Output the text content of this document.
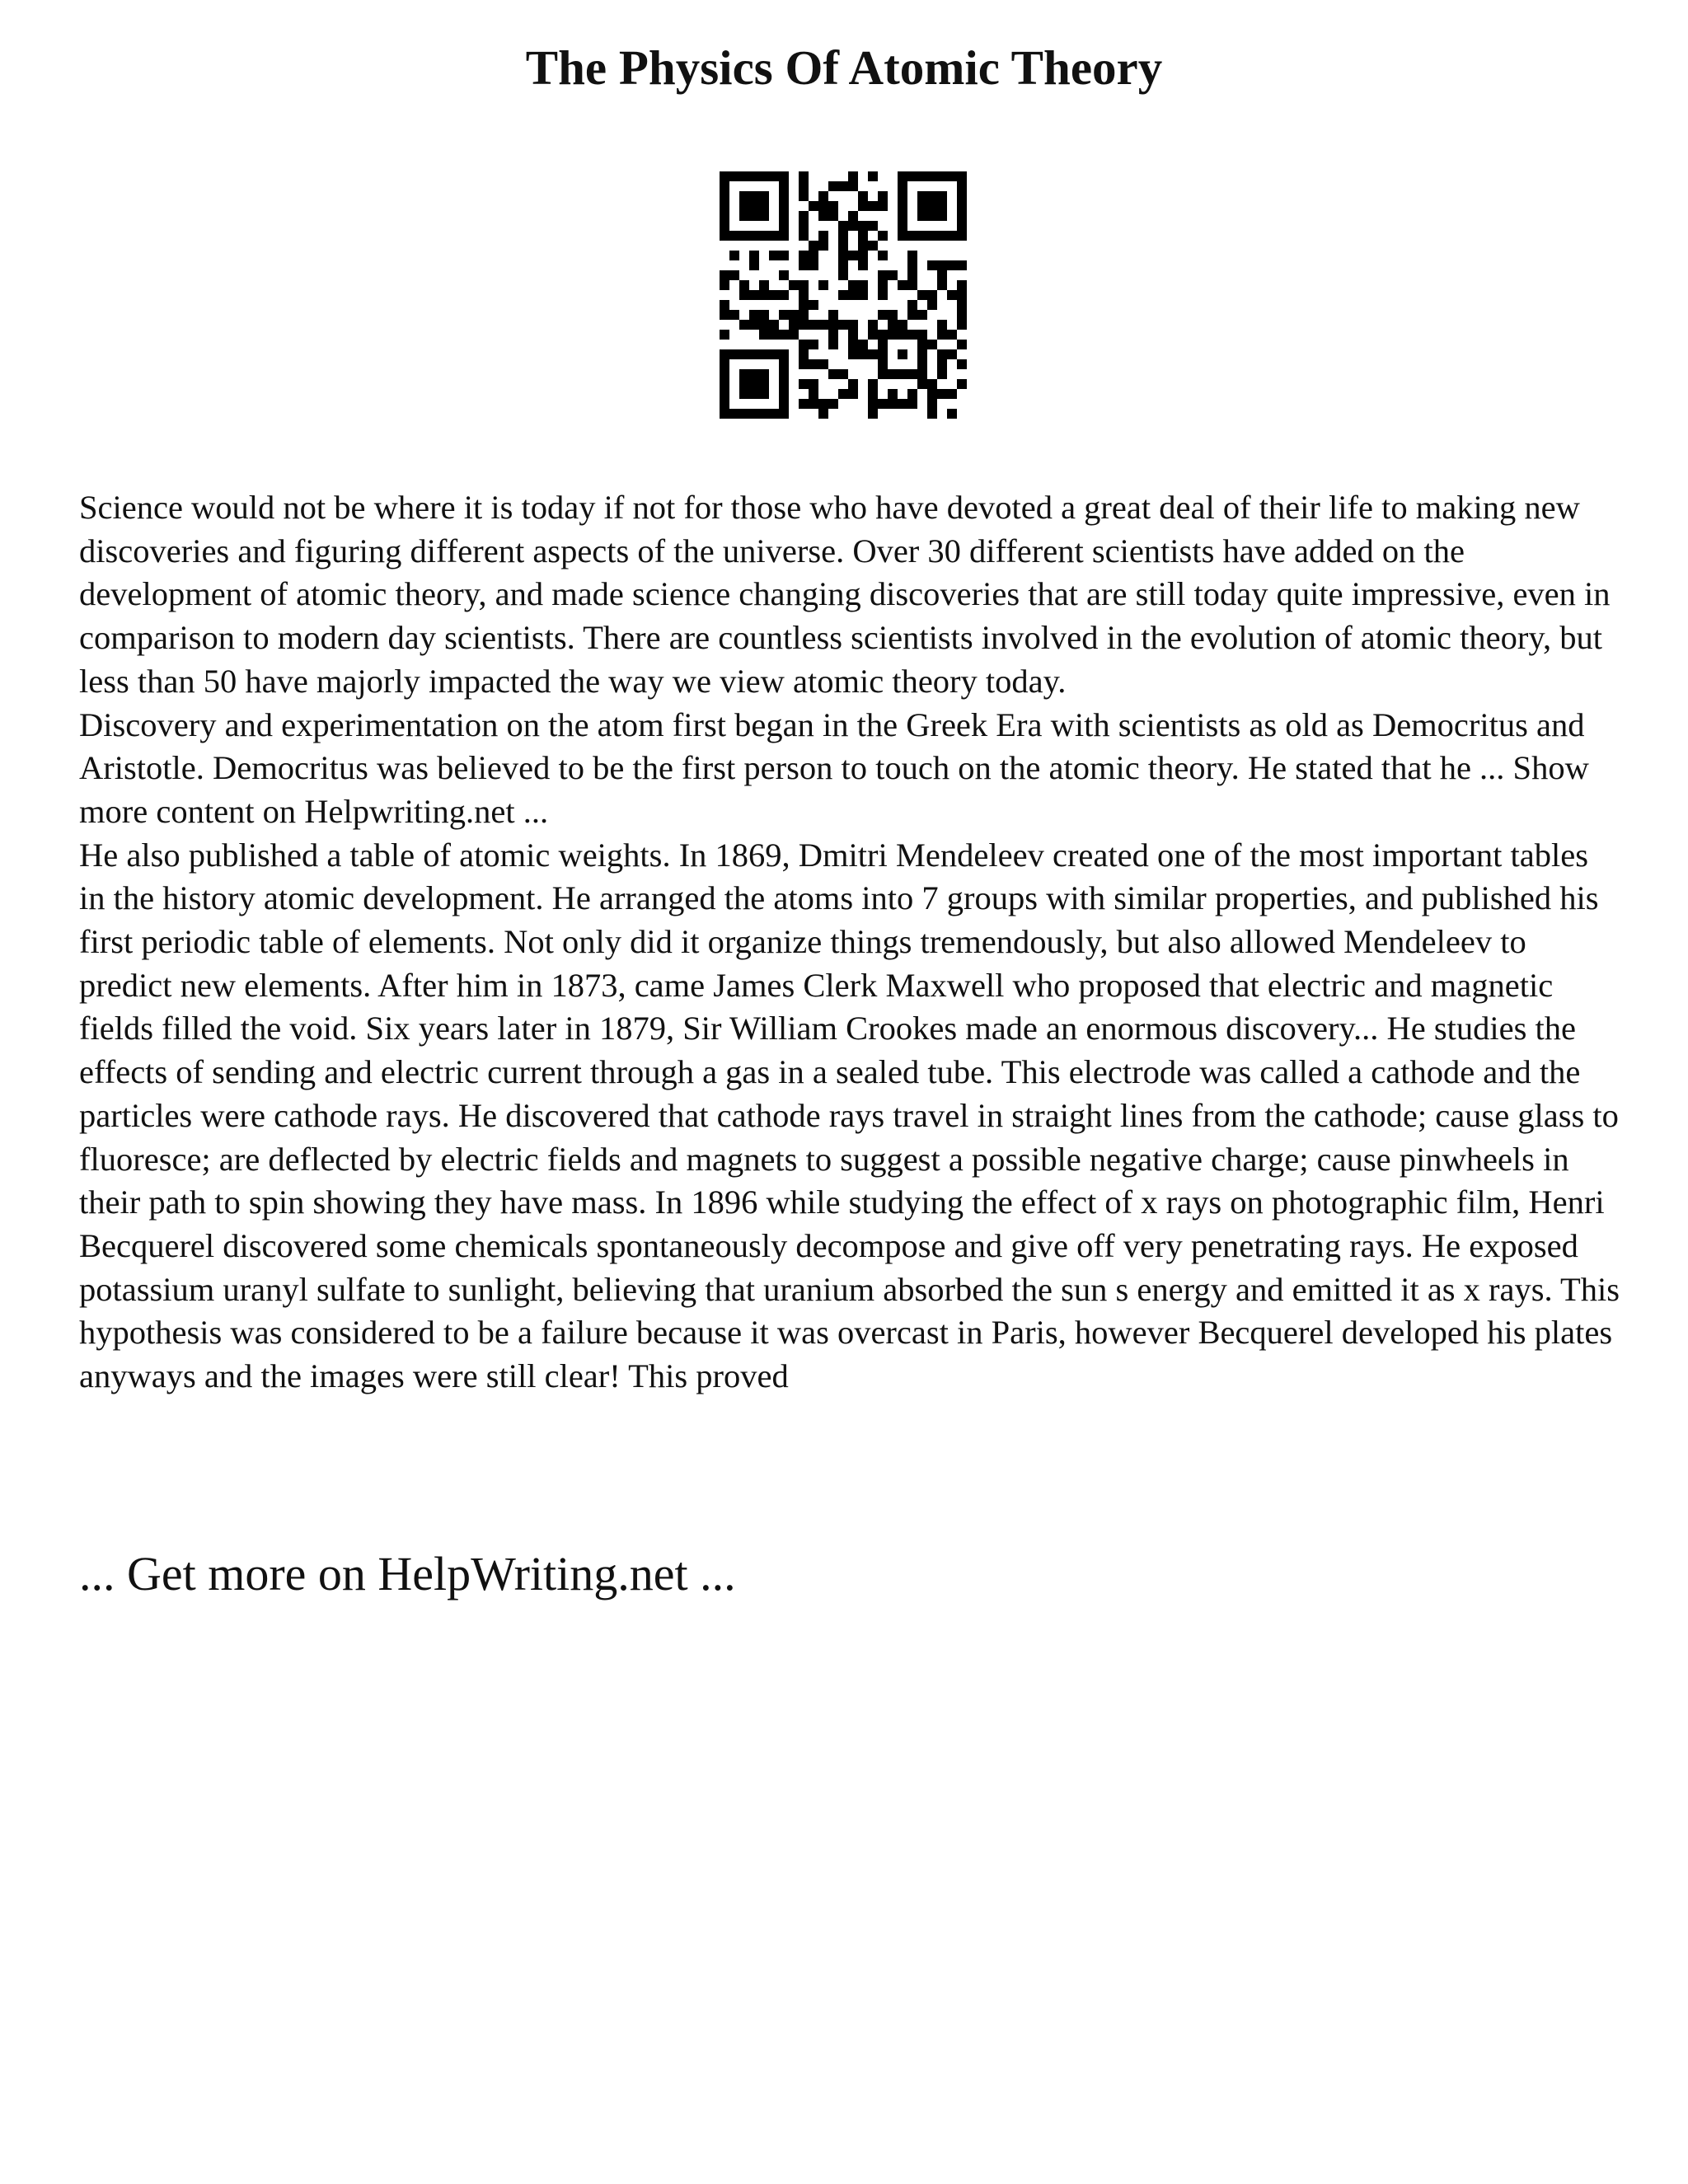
The Physics Of Atomic Theory

Science would not be where it is today if not for those who have devoted a great deal of their life to making new discoveries and figuring different aspects of the universe. Over 30 different scientists have added on the development of atomic theory, and made science changing discoveries that are still today quite impressive, even in comparison to modern day scientists. There are countless scientists involved in the evolution of atomic theory, but less than 50 have majorly impacted the way we view atomic theory today.

Discovery and experimentation on the atom first began in the Greek Era with scientists as old as Democritus and Aristotle. Democritus was believed to be the first person to touch on the atomic theory. He stated that he ... Show more content on Helpwriting.net ...

He also published a table of atomic weights. In 1869, Dmitri Mendeleev created one of the most important tables in the history atomic development. He arranged the atoms into 7 groups with similar properties, and published his first periodic table of elements. Not only did it organize things tremendously, but also allowed Mendeleev to predict new elements. After him in 1873, came James Clerk Maxwell who proposed that electric and magnetic fields filled the void. Six years later in 1879, Sir William Crookes made an enormous discovery... He studies the effects of sending and electric current through a gas in a sealed tube. This electrode was called a cathode and the particles were cathode rays. He discovered that cathode rays travel in straight lines from the cathode; cause glass to fluoresce; are deflected by electric fields and magnets to suggest a possible negative charge; cause pinwheels in their path to spin showing they have mass. In 1896 while studying the effect of x rays on photographic film, Henri Becquerel discovered some chemicals spontaneously decompose and give off very penetrating rays. He exposed potassium uranyl sulfate to sunlight, believing that uranium absorbed the sun s energy and emitted it as x rays. This hypothesis was considered to be a failure because it was overcast in Paris, however Becquerel developed his plates anyways and the images were still clear! This proved

... Get more on HelpWriting.net ...
